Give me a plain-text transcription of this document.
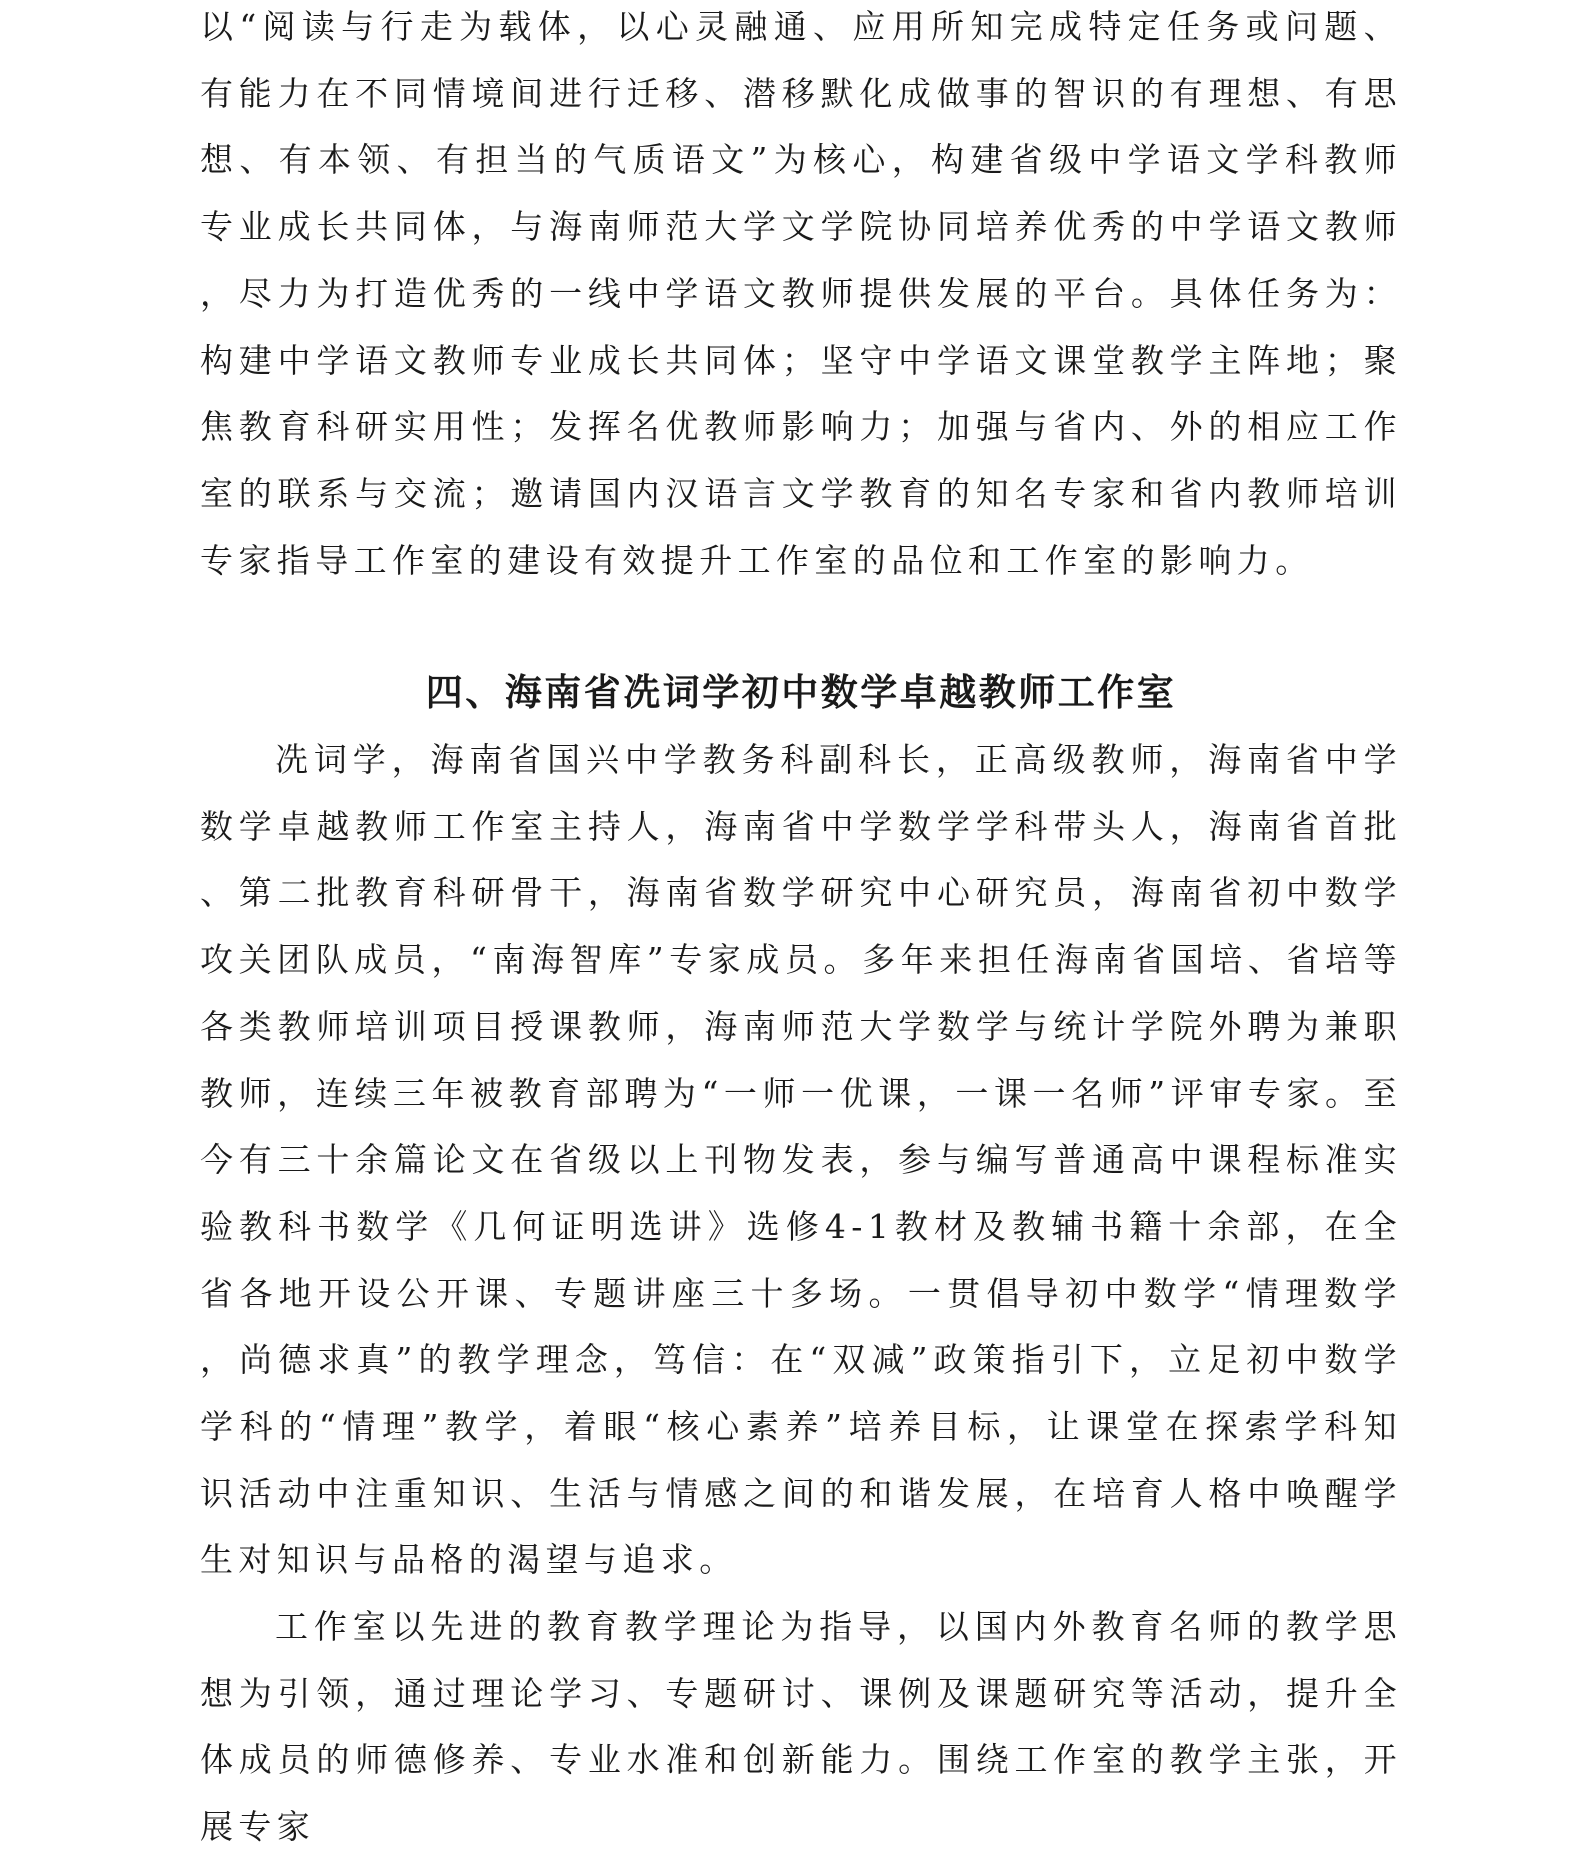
以“阅读与行走为载体，以心灵融通、应用所知完成特定任务或问题、有能力在不同情境间进行迁移、潜移默化成做事的智识的有理想、有思想、有本领、有担当的气质语文”为核心，构建省级中学语文学科教师专业成长共同体，与海南师范大学文学院协同培养优秀的中学语文教师，尽力为打造优秀的一线中学语文教师提供发展的平台。具体任务为：构建中学语文教师专业成长共同体；坚守中学语文课堂教学主阵地；聚焦教育科研实用性；发挥名优教师影响力；加强与省内、外的相应工作室的联系与交流；邀请国内汉语言文学教育的知名专家和省内教师培训专家指导工作室的建设有效提升工作室的品位和工作室的影响力。

四、海南省冼词学初中数学卓越教师工作室

冼词学，海南省国兴中学教务科副科长，正高级教师，海南省中学数学卓越教师工作室主持人，海南省中学数学学科带头人，海南省首批、第二批教育科研骨干，海南省数学研究中心研究员，海南省初中数学攻关团队成员，“南海智库”专家成员。多年来担任海南省国培、省培等各类教师培训项目授课教师，海南师范大学数学与统计学院外聘为兼职教师，连续三年被教育部聘为“一师一优课，一课一名师”评审专家。至今有三十余篇论文在省级以上刊物发表，参与编写普通高中课程标准实验教科书数学《几何证明选讲》选修4-1教材及教辅书籍十余部，在全省各地开设公开课、专题讲座三十多场。一贯倡导初中数学“情理数学，尚德求真”的教学理念，笃信：在“双减”政策指引下，立足初中数学学科的“情理”教学，着眼“核心素养”培养目标，让课堂在探索学科知识活动中注重知识、生活与情感之间的和谐发展，在培育人格中唤醒学生对知识与品格的渴望与追求。

工作室以先进的教育教学理论为指导，以国内外教育名师的教学思想为引领，通过理论学习、专题研讨、课例及课题研究等活动，提升全体成员的师德修养、专业水准和创新能力。围绕工作室的教学主张，开展专家
